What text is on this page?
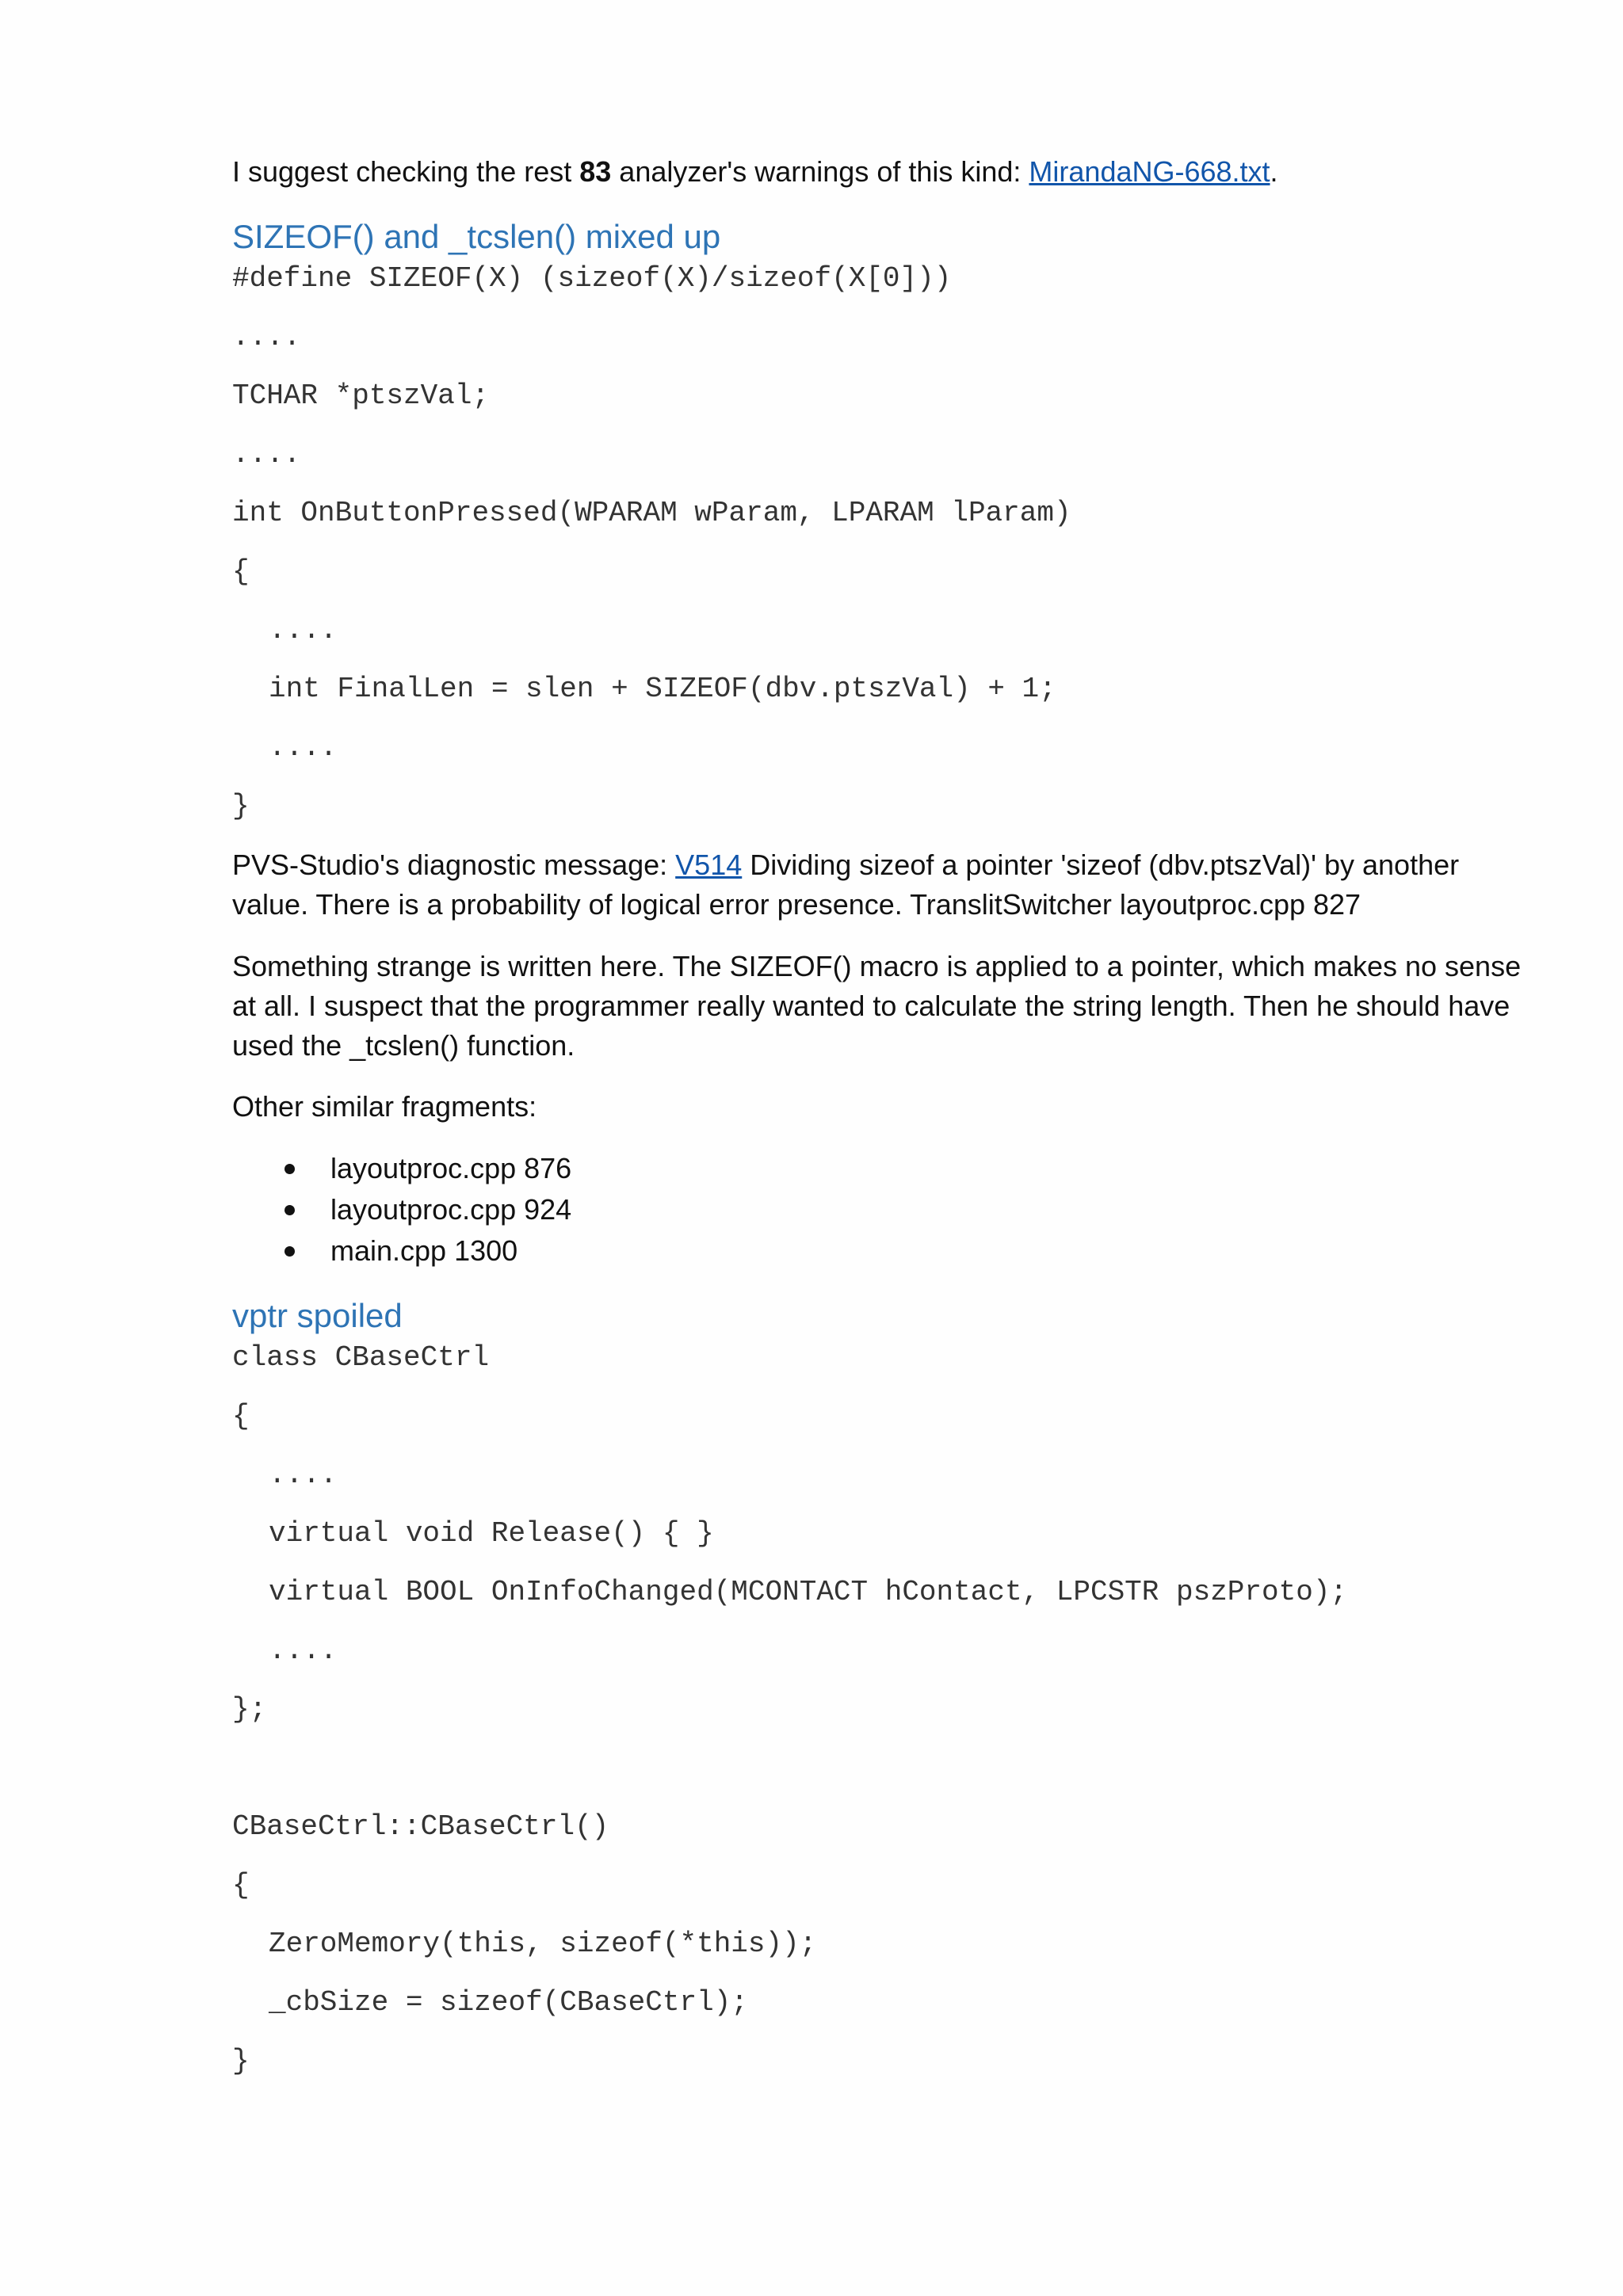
I suggest checking the rest 83 analyzer's warnings of this kind: MirandaNG-668.txt.

SIZEOF() and _tcslen() mixed up
#define SIZEOF(X) (sizeof(X)/sizeof(X[0]))
....
TCHAR *ptszVal;
....
int OnButtonPressed(WPARAM wParam, LPARAM lParam)
{
....
int FinalLen = slen + SIZEOF(dbv.ptszVal) + 1;
....
}

PVS-Studio's diagnostic message: V514 Dividing sizeof a pointer 'sizeof (dbv.ptszVal)' by another value. There is a probability of logical error presence. TranslitSwitcher layoutproc.cpp 827

Something strange is written here. The SIZEOF() macro is applied to a pointer, which makes no sense at all. I suspect that the programmer really wanted to calculate the string length. Then he should have used the _tcslen() function.

Other similar fragments:

layoutproc.cpp 876
layoutproc.cpp 924
main.cpp 1300
vptr spoiled
class CBaseCtrl
{
....
virtual void Release() { }
virtual BOOL OnInfoChanged(MCONTACT hContact, LPCSTR pszProto);
....
};
CBaseCtrl::CBaseCtrl()
{
ZeroMemory(this, sizeof(*this));
_cbSize = sizeof(CBaseCtrl);
}
